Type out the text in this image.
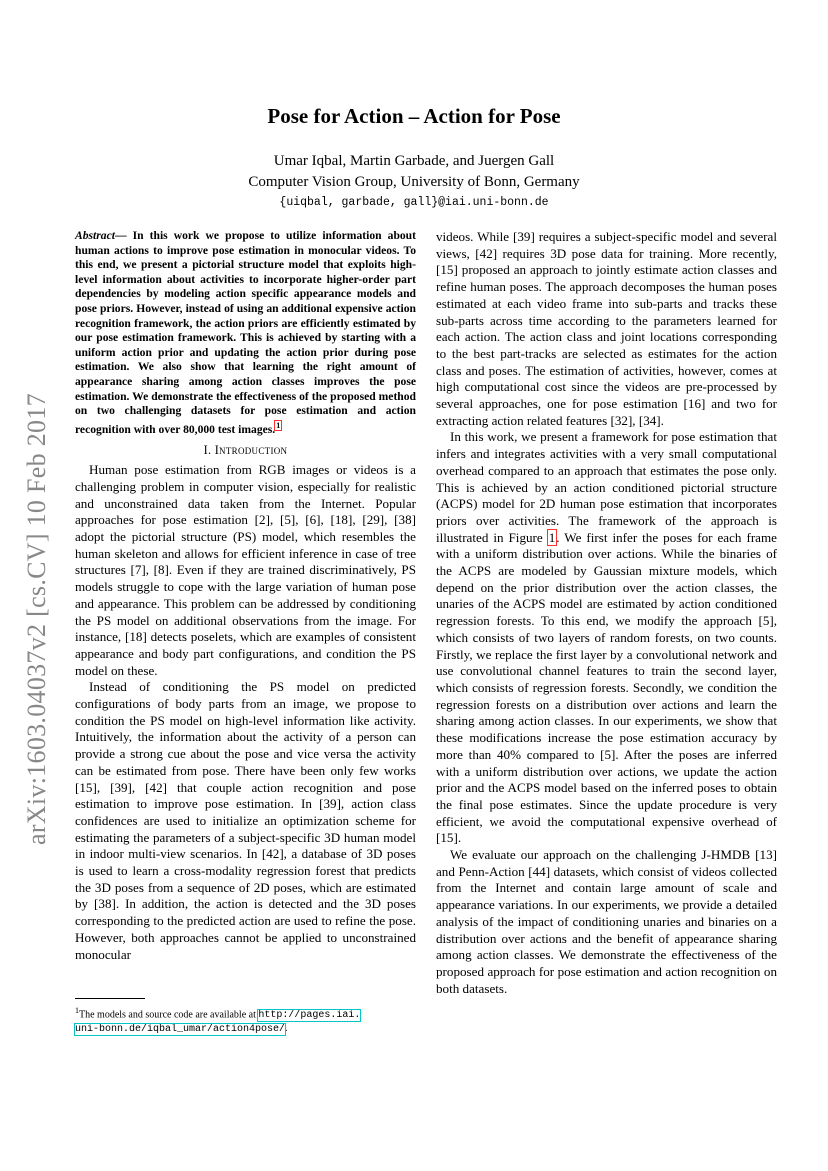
arXiv:1603.04037v2 [cs.CV] 10 Feb 2017
Pose for Action – Action for Pose
Umar Iqbal, Martin Garbade, and Juergen Gall
Computer Vision Group, University of Bonn, Germany
{uiqbal, garbade, gall}@iai.uni-bonn.de

Abstract— In this work we propose to utilize information about human actions to improve pose estimation in monocular videos. To this end, we present a pictorial structure model that exploits high-level information about activities to incorporate higher-order part dependencies by modeling action specific appearance models and pose priors. However, instead of using an additional expensive action recognition framework, the action priors are efficiently estimated by our pose estimation framework. This is achieved by starting with a uniform action prior and updating the action prior during pose estimation. We also show that learning the right amount of appearance sharing among action classes improves the pose estimation. We demonstrate the effectiveness of the proposed method on two challenging datasets for pose estimation and action recognition with over 80,000 test images.$^1$

I. Introduction

Human pose estimation from RGB images or videos is a challenging problem in computer vision, especially for realistic and unconstrained data taken from the Internet. Popular approaches for pose estimation [2], [5], [6], [18], [29], [38] adopt the pictorial structure (PS) model, which resembles the human skeleton and allows for efficient inference in case of tree structures [7], [8]. Even if they are trained discriminatively, PS models struggle to cope with the large variation of human pose and appearance. This problem can be addressed by conditioning the PS model on additional observations from the image. For instance, [18] detects poselets, which are examples of consistent appearance and body part configurations, and condition the PS model on these.

Instead of conditioning the PS model on predicted configurations of body parts from an image, we propose to condition the PS model on high-level information like activity. Intuitively, the information about the activity of a person can provide a strong cue about the pose and vice versa the activity can be estimated from pose. There have been only few works [15], [39], [42] that couple action recognition and pose estimation to improve pose estimation. In [39], action class confidences are used to initialize an optimization scheme for estimating the parameters of a subject-specific 3D human model in indoor multi-view scenarios. In [42], a database of 3D poses is used to learn a cross-modality regression forest that predicts the 3D poses from a sequence of 2D poses, which are estimated by [38]. In addition, the action is detected and the 3D poses corresponding to the predicted action are used to refine the pose. However, both approaches cannot be applied to unconstrained monocular

videos. While [39] requires a subject-specific model and several views, [42] requires 3D pose data for training. More recently, [15] proposed an approach to jointly estimate action classes and refine human poses. The approach decomposes the human poses estimated at each video frame into sub-parts and tracks these sub-parts across time according to the parameters learned for each action. The action class and joint locations corresponding to the best part-tracks are selected as estimates for the action class and poses. The estimation of activities, however, comes at high computational cost since the videos are pre-processed by several approaches, one for pose estimation [16] and two for extracting action related features [32], [34].

In this work, we present a framework for pose estimation that infers and integrates activities with a very small computational overhead compared to an approach that estimates the pose only. This is achieved by an action conditioned pictorial structure (ACPS) model for 2D human pose estimation that incorporates priors over activities. The framework of the approach is illustrated in Figure 1. We first infer the poses for each frame with a uniform distribution over actions. While the binaries of the ACPS are modeled by Gaussian mixture models, which depend on the prior distribution over the action classes, the unaries of the ACPS model are estimated by action conditioned regression forests. To this end, we modify the approach [5], which consists of two layers of random forests, on two counts. Firstly, we replace the first layer by a convolutional network and use convolutional channel features to train the second layer, which consists of regression forests. Secondly, we condition the regression forests on a distribution over actions and learn the sharing among action classes. In our experiments, we show that these modifications increase the pose estimation accuracy by more than 40% compared to [5]. After the poses are inferred with a uniform distribution over actions, we update the action prior and the ACPS model based on the inferred poses to obtain the final pose estimates. Since the update procedure is very efficient, we avoid the computational expensive overhead of [15].

We evaluate our approach on the challenging J-HMDB [13] and Penn-Action [44] datasets, which consist of videos collected from the Internet and contain large amount of scale and appearance variations. In our experiments, we provide a detailed analysis of the impact of conditioning unaries and binaries on a distribution over actions and the benefit of appearance sharing among action classes. We demonstrate the effectiveness of the proposed approach for pose estimation and action recognition on both datasets.

$^1$The models and source code are available at http://pages.iai.
uni-bonn.de/iqbal_umar/action4pose/.
